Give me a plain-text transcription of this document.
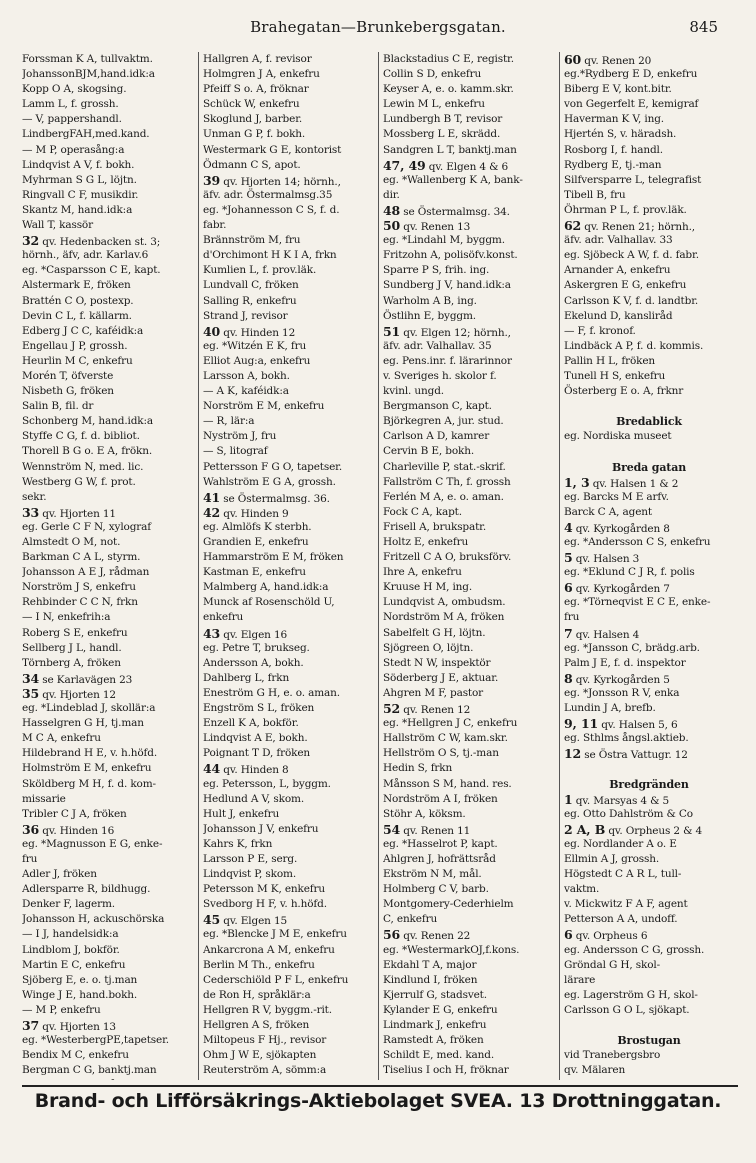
Brahegatan—Brunkebergsgatan.	845
Forssman K A, tullvaktm.
JohanssonBJM,hand.idk:a
Kopp O A, skogsing.
Lamm L, f. grossh.
— V, pappershandl.
LindbergFAH,med.kand.
— M P, operasång:a
Lindqvist A V, f. bokh.
Myhrman S G L, löjtn.
Ringvall C F, musikdir.
Skantz M, hand.idk:a
Wall T, kassör
32 qv. Hedenbacken st. 3;
hörnh., äfv, adr. Karlav.6
eg. *Casparsson C E, kapt.
Alstermark E, fröken
Brattén C O, postexp.
Devin C L, f. källarm.
Edberg J C C, kaféidk:a
Engellau J P, grossh.
Heurlin M C, enkefru
Morén T, öfverste
Nisbeth G, fröken
Salin B, fil. dr
Schonberg M, hand.idk:a
Styffe C G, f. d. bibliot.
Thorell B G o. E A, frökn.
Wennström N, med. lic.
Westberg G W, f. prot.
sekr.
33 qv. Hjorten 11
eg. Gerle C F N, xylograf
Almstedt O M, not.
Barkman C A L, styrm.
Johansson A E J, rådman
Norström J S, enkefru
Rehbinder C C N, frkn
— I N, enkefrih:a
Roberg S E, enkefru
Sellberg J L, handl.
Törnberg A, fröken
34 se Karlavägen 23
35 qv. Hjorten 12
eg. *Lindeblad J, skollär:a
Hasselgren G H, tj.man
M C A, enkefru
Hildebrand H E, v. h.höfd.
Holmström E M, enkefru
Sköldberg M H, f. d. kom-
missarie
Tribler C J A, fröken
36 qv. Hinden 16
eg. *Magnusson E G, enke-
fru
Adler J, fröken
Adlersparre R, bildhugg.
Denker F, lagerm.
Johansson H, ackuschörska
— I J, handelsidk:a
Lindblom J, bokför.
Martin E C, enkefru
Sjöberg E, e. o. tj.man
Winge J E, hand.bokh.
— M P, enkefru
37 qv. Hjorten 13
eg. *WesterbergPE,tapetser.
Bendix M C, enkefru
Bergman C G, banktj.man
Hallgren A, f. revisor
Holmgren J A, enkefru
Pfeiff S o. A, fröknar
Schück W, enkefru
Skoglund J, barber.
Unman G P, f. bokh.
Westermark G E, kontorist
Ödmann C S, apot.
39 qv. Hjorten 14; hörnh.,
äfv. adr. Östermalmsg.35
eg. *Johannesson C S, f. d.
fabr.
Brännström M, fru
d'Orchimont H K I A, frkn
Kumlien L, f. prov.läk.
Lundvall C, fröken
Salling R, enkefru
Strand J, revisor
40 qv. Hinden 12
eg. *Witzén E K, fru
Elliot Aug:a, enkefru
Larsson A, bokh.
— A K, kaféidk:a
Norström E M, enkefru
— R, lär:a
Nyström J, fru
— S, litograf
Pettersson F G O, tapetser.
Wahlström E G A, grossh.
41 se Östermalmsg. 36.
42 qv. Hinden 9
eg. Almlöfs K sterbh.
Grandien E, enkefru
Hammarström E M, fröken
Kastman E, enkefru
Malmberg A, hand.idk:a
Munck af Rosenschöld U,
enkefru
43 qv. Elgen 16
eg. Petre T, brukseg.
Andersson A, bokh.
Dahlberg L, frkn
Eneström G H, e. o. aman.
Engström S L, fröken
Enzell K A, bokför.
Lindqvist A E, bokh.
Poignant T D, fröken
44 qv. Hinden 8
eg. Petersson, L, byggm.
Hedlund A V, skom.
Hult J, enkefru
Johansson J V, enkefru
Kahrs K, frkn
Larsson P E, serg.
Lindqvist P, skom.
Petersson M K, enkefru
Svedborg H F, v. h.höfd.
45 qv. Elgen 15
eg. *Blencke J M E, enkefru
Ankarcrona A M, enkefru
Berlin M Th., enkefru
Cederschiöld P F L, enkefru
de Ron H, språklär:a
Hellgren R V, byggm.-rit.
Hellgren A S, fröken
Miltopeus F Hj., revisor
Ohm J W E, sjökapten
Reuterström A, sömm:a
Blackstadius C E, registr.
Collin S D, enkefru
Keyser A, e. o. kamm.skr.
Lewin M L, enkefru
Lundbergh B T, revisor
Mossberg L E, skrädd.
Sandgren L T, banktj.man
47, 49 qv. Elgen 4 & 6
eg. *Wallenberg K A, bank-
dir.
48 se Östermalmsg. 34.
50 qv. Renen 13
eg. *Lindahl M, byggm.
Fritzohn A, polisöfv.konst.
Sparre P S, frih. ing.
Sundberg J V, hand.idk:a
Warholm A B, ing.
Östlihn E, byggm.
51 qv. Elgen 12; hörnh.,
äfv. adr. Valhallav. 35
eg. Pens.inr. f. lärarinnor
v. Sveriges h. skolor f.
kvinl. ungd.
Bergmanson C, kapt.
Björkegren A, jur. stud.
Carlson A D, kamrer
Cervin B E, bokh.
Charleville P, stat.-skrif.
Fallström C Th, f. grossh
Ferlén M A, e. o. aman.
Fock C A, kapt.
Frisell A, brukspatr.
Holtz E, enkefru
Fritzell C A O, bruksförv.
Ihre A, enkefru
Kruuse H M, ing.
Lundqvist A, ombudsm.
Nordström M A, fröken
Sabelfelt G H, löjtn.
Sjögreen O, löjtn.
Stedt N W, inspektör
Söderberg J E, aktuar.
Ahgren M F, pastor
52 qv. Renen 12
eg. *Hellgren J C, enkefru
Hallström C W, kam.skr.
Hellström O S, tj.-man
Hedin S, frkn
Månsson S M, hand. res.
Nordström A I, fröken
Stöhr A, köksm.
54 qv. Renen 11
eg. *Hasselrot P, kapt.
Ahlgren J, hofrättsråd
Ekström N M, mål.
Holmberg C V, barb.
Montgomery-Cederhielm
C, enkefru
56 qv. Renen 22
eg. *WestermarkOJ,f.kons.
Ekdahl T A, major
Kindlund I, fröken
Kjerrulf G, stadsvet.
Kylander E G, enkefru
Lindmark J, enkefru
Ramstedt A, fröken
Schildt E, med. kand.
Tiselius I och H, fröknar
60 qv. Renen 20
eg.*Rydberg E D, enkefru
Biberg E V, kont.bitr.
von Gegerfelt E, kemigraf
Haverman K V, ing.
Hjertén S, v. häradsh.
Rosborg I, f. handl.
Rydberg E, tj.-man
Silfversparre L, telegrafist
Tibell B, fru
Öhrman P L, f. prov.läk.
62 qv. Renen 21; hörnh.,
äfv. adr. Valhallav. 33
eg. Sjöbeck A W, f. d. fabr.
Arnander A, enkefru
Askergren E G, enkefru
Carlsson K V, f. d. landtbr.
Ekelund D, kansliråd
— F, f. kronof.
Lindbäck A P, f. d. kommis.
Pallin H L, fröken
Tunell H S, enkefru
Österberg E o. A, frknr

Bredablick
eg. Nordiska museet

Breda gatan
1, 3 qv. Halsen 1 & 2
eg. Barcks M E arfv.
Barck C A, agent
4 qv. Kyrkogården 8
eg. *Andersson C S, enkefru
5 qv. Halsen 3
eg. *Eklund C J R, f. polis
6 qv. Kyrkogården 7
eg. *Törneqvist E C E, enke-
fru
7 qv. Halsen 4
eg. *Jansson C, brädg.arb.
Palm J E, f. d. inspektor
8 qv. Kyrkogården 5
eg. *Jonsson R V, enka
Lundin J A, brefb.
9, 11 qv. Halsen 5, 6
eg. Sthlms ångsl.aktieb.
12 se Östra Vattugr. 12

Bredgränden
1 qv. Marsyas 4 & 5
eg. Otto Dahlström & Co
2 A, B qv. Orpheus 2 & 4
eg. Nordlander A o. E
Ellmin A J, grossh.
Högstedt C A R L, tull-
vaktm.
v. Mickwitz F A F, agent
Petterson A A, undoff.
6 qv. Orpheus 6
eg. Andersson C G, grossh.
Gröndal G H, skol-
lärare
eg. Lagerström G H, skol-
Carlsson G O L, sjökapt.

Brostugan
vid Tranebergsbro
qv. Mälaren

Brand- och Lifförsäkrings-Aktiebolaget SVEA. 13 Drottninggatan.
